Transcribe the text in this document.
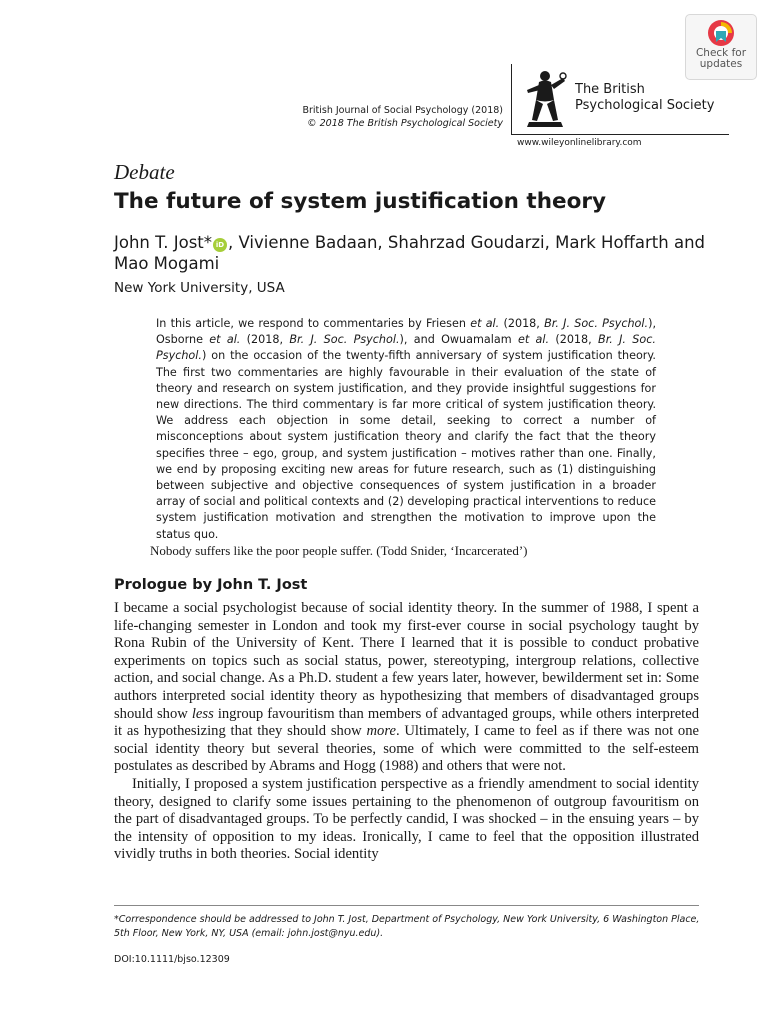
Check for
updates
British Journal of Social Psychology (2018)
© 2018 The British Psychological Society
The British
Psychological Society
www.wileyonlinelibrary.com
Debate
The future of system justification theory
John T. Jost* iD , Vivienne Badaan, Shahrzad Goudarzi, Mark Hoffarth and Mao Mogami
New York University, USA
In this article, we respond to commentaries by Friesen et al. (2018, Br. J. Soc. Psychol.), Osborne et al. (2018, Br. J. Soc. Psychol.), and Owuamalam et al. (2018, Br. J. Soc. Psychol.) on the occasion of the twenty-fifth anniversary of system justification theory. The first two commentaries are highly favourable in their evaluation of the state of theory and research on system justification, and they provide insightful suggestions for new directions. The third commentary is far more critical of system justification theory. We address each objection in some detail, seeking to correct a number of misconceptions about system justification theory and clarify the fact that the theory specifies three – ego, group, and system justification – motives rather than one. Finally, we end by proposing exciting new areas for future research, such as (1) distinguishing between subjective and objective consequences of system justification in a broader array of social and political contexts and (2) developing practical interventions to reduce system justification motivation and strengthen the motivation to improve upon the status quo.
Nobody suffers like the poor people suffer. (Todd Snider, ‘Incarcerated’)
Prologue by John T. Jost

I became a social psychologist because of social identity theory. In the summer of 1988, I spent a life-changing semester in London and took my first-ever course in social psychology taught by Rona Rubin of the University of Kent. There I learned that it is possible to conduct probative experiments on topics such as social status, power, stereotyping, intergroup relations, collective action, and social change. As a Ph.D. student a few years later, however, bewilderment set in: Some authors interpreted social identity theory as hypothesizing that members of disadvantaged groups should show less ingroup favouritism than members of advantaged groups, while others interpreted it as hypothesizing that they should show more. Ultimately, I came to feel as if there was not one social identity theory but several theories, some of which were committed to the self-esteem postulates as described by Abrams and Hogg (1988) and others that were not.

Initially, I proposed a system justification perspective as a friendly amendment to social identity theory, designed to clarify some issues pertaining to the phenomenon of outgroup favouritism on the part of disadvantaged groups. To be perfectly candid, I was shocked – in the ensuing years – by the intensity of opposition to my ideas. Ironically, I came to feel that the opposition illustrated vividly truths in both theories. Social identity

*Correspondence should be addressed to John T. Jost, Department of Psychology, New York University, 6 Washington Place, 5th Floor, New York, NY, USA (email: john.jost@nyu.edu).
DOI:10.1111/bjso.12309
